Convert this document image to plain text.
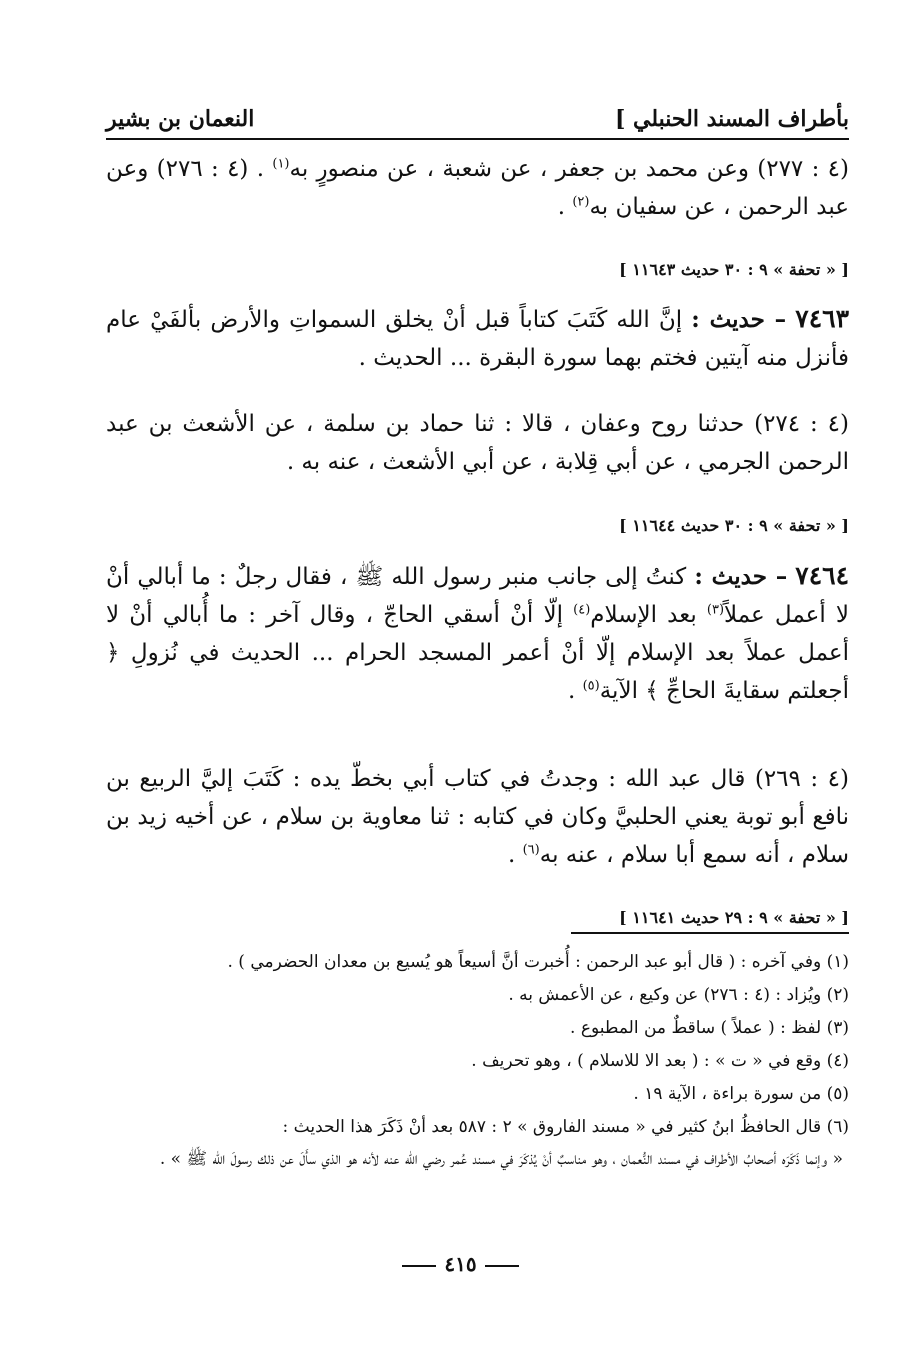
بأطراف المسند الحنبلي ]
النعمان بن بشير

(٤ : ٢٧٧) وعن محمد بن جعفر ، عن شعبة ، عن منصورٍ به$^{(١)}$ . (٤ : ٢٧٦) وعن عبد الرحمن ، عن سفيان به$^{(٢)}$ .

[ « تحفة » ٩ : ٣٠ حديث ١١٦٤٣ ]

٧٤٦٣ – حديث : إنَّ الله كَتَبَ كتاباً قبل أنْ يخلق السمواتِ والأرض بألفَيْ عام فأنزل منه آيتين فختم بهما سورة البقرة ... الحديث .

(٤ : ٢٧٤) حدثنا روح وعفان ، قالا : ثنا حماد بن سلمة ، عن الأشعث بن عبد الرحمن الجرمي ، عن أبي قِلابة ، عن أبي الأشعث ، عنه به .

[ « تحفة » ٩ : ٣٠ حديث ١١٦٤٤ ]

٧٤٦٤ – حديث : كنتُ إلى جانب منبر رسول الله ﷺ ، فقال رجلٌ : ما أبالي أنْ لا أعمل عملاً$^{(٣)}$ بعد الإسلام$^{(٤)}$ إلّا أنْ أسقي الحاجّ ، وقال آخر : ما أُبالي أنْ لا أعمل عملاً بعد الإسلام إلّا أنْ أعمر المسجد الحرام ... الحديث في نُزولِ ﴿ أجعلتم سقايةَ الحاجِّ ﴾ الآية$^{(٥)}$ .

(٤ : ٢٦٩) قال عبد الله : وجدتُ في كتاب أبي بخطّ يده : كَتَبَ إليَّ الربيع بن نافع أبو توبة يعني الحلبيَّ وكان في كتابه : ثنا معاوية بن سلام ، عن أخيه زيد بن سلام ، أنه سمع أبا سلام ، عنه به$^{(٦)}$ .

[ « تحفة » ٩ : ٢٩ حديث ١١٦٤١ ]

(١) وفي آخره : ( قال أبو عبد الرحمن : أُخبرت أنَّ أسيعاً هو يُسيع بن معدان الحضرمي ) .

(٢) ويُزاد : (٤ : ٢٧٦) عن وكيع ، عن الأعمش به .

(٣) لفظ : ( عملاً ) ساقطٌ من المطبوع .

(٤) وقع في « ت » : ( بعد الا للاسلام ) ، وهو تحريف .

(٥) من سورة براءة ، الآية ١٩ .

(٦) قال الحافظُ ابنُ كثير في « مسند الفاروق » ٢ : ٥٨٧ بعد أنْ ذَكَرَ هذا الحديث :

« وإنما ذَكَرَه أصحابُ الأطراف في مسند النُّعمان ، وهو مناسبٌ أنْ يُذكَرَ في مسند عُمر رضي الله عنه لأنه هو الذي سأَلَ عن ذلك رسولَ الله ﷺ » .

٤١٥
